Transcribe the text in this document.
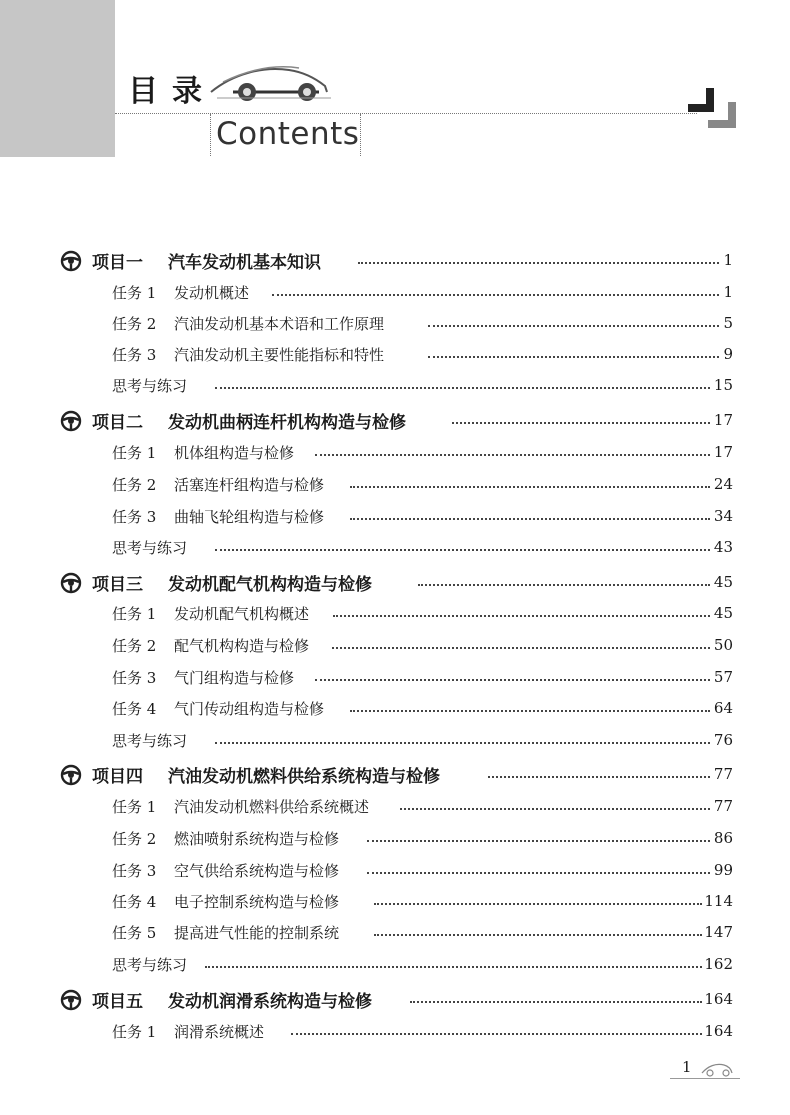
目录
Contents
项目一 汽车发动机基本知识	1
任务 1 发动机概述	1
任务 2 汽油发动机基本术语和工作原理	5
任务 3 汽油发动机主要性能指标和特性	9
思考与练习	15
项目二 发动机曲柄连杆机构构造与检修	17
任务 1 机体组构造与检修	17
任务 2 活塞连杆组构造与检修	24
任务 3 曲轴飞轮组构造与检修	34
思考与练习	43
项目三 发动机配气机构构造与检修	45
任务 1 发动机配气机构概述	45
任务 2 配气机构构造与检修	50
任务 3 气门组构造与检修	57
任务 4 气门传动组构造与检修	64
思考与练习	76
项目四 汽油发动机燃料供给系统构造与检修	77
任务 1 汽油发动机燃料供给系统概述	77
任务 2 燃油喷射系统构造与检修	86
任务 3 空气供给系统构造与检修	99
任务 4 电子控制系统构造与检修	114
任务 5 提高进气性能的控制系统	147
思考与练习	162
项目五 发动机润滑系统构造与检修	164
任务 1 润滑系统概述	164
1
